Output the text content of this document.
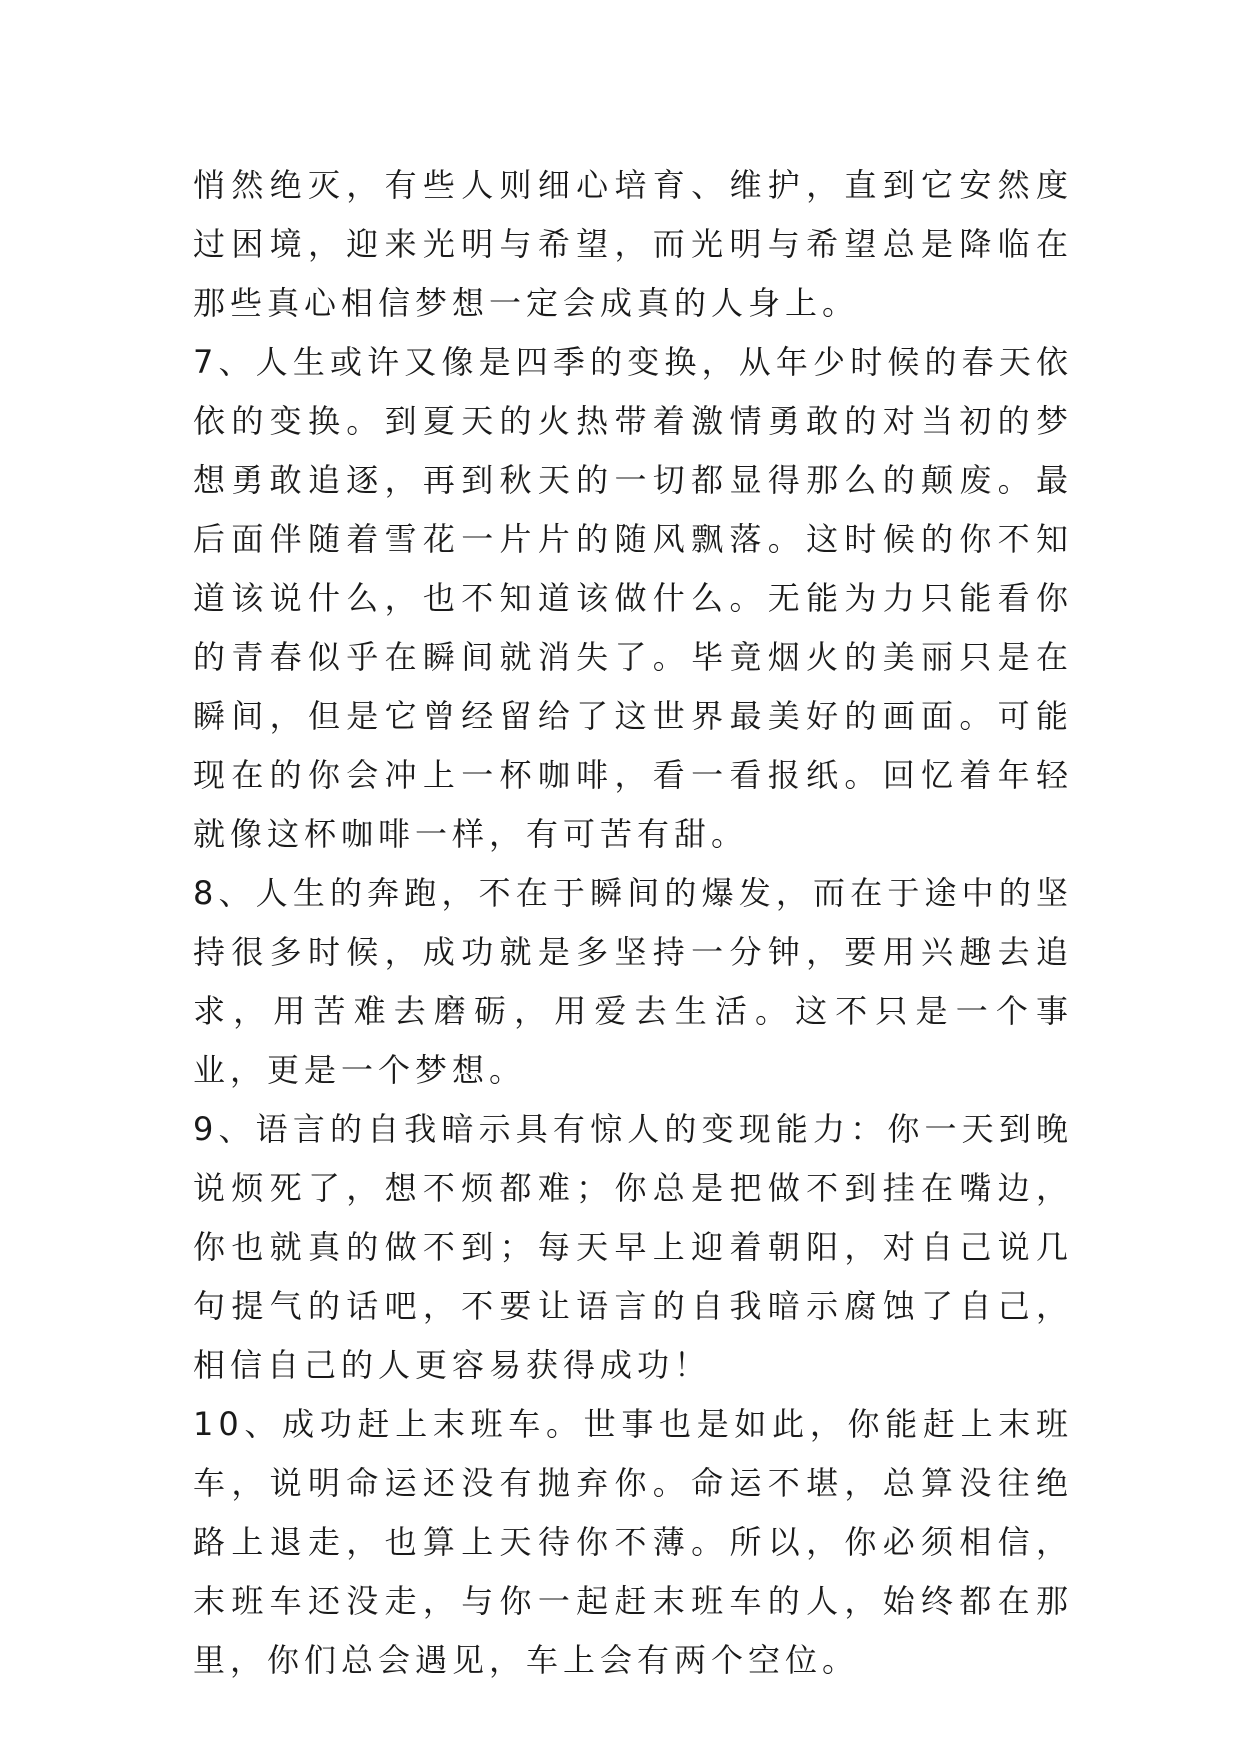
悄然绝灭，有些人则细心培育、维护，直到它安然度过困境，迎来光明与希望，而光明与希望总是降临在那些真心相信梦想一定会成真的人身上。

7、人生或许又像是四季的变换，从年少时候的春天依依的变换。到夏天的火热带着激情勇敢的对当初的梦想勇敢追逐，再到秋天的一切都显得那么的颠废。最后面伴随着雪花一片片的随风飘落。这时候的你不知道该说什么，也不知道该做什么。无能为力只能看你的青春似乎在瞬间就消失了。毕竟烟火的美丽只是在瞬间，但是它曾经留给了这世界最美好的画面。可能现在的你会冲上一杯咖啡，看一看报纸。回忆着年轻就像这杯咖啡一样，有可苦有甜。

8、人生的奔跑，不在于瞬间的爆发，而在于途中的坚持很多时候，成功就是多坚持一分钟，要用兴趣去追求，用苦难去磨砺，用爱去生活。这不只是一个事业，更是一个梦想。

9、语言的自我暗示具有惊人的变现能力：你一天到晚说烦死了，想不烦都难；你总是把做不到挂在嘴边，你也就真的做不到；每天早上迎着朝阳，对自己说几句提气的话吧，不要让语言的自我暗示腐蚀了自己，相信自己的人更容易获得成功！

10、成功赶上末班车。世事也是如此，你能赶上末班车，说明命运还没有抛弃你。命运不堪，总算没往绝路上退走，也算上天待你不薄。所以，你必须相信，末班车还没走，与你一起赶末班车的人，始终都在那里，你们总会遇见，车上会有两个空位。
